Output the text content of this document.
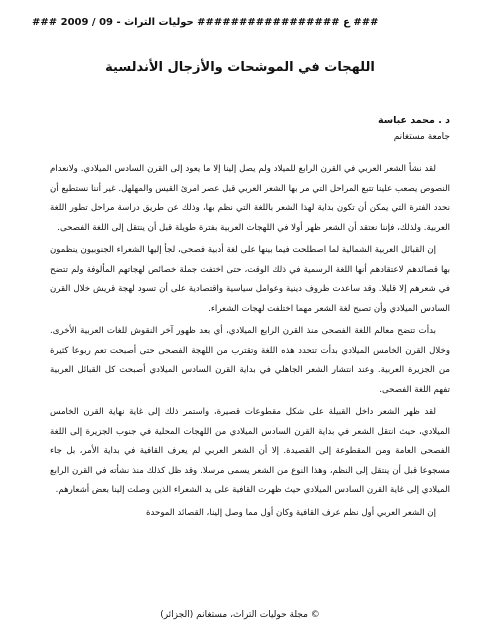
### 2009 / 09 - ع ################# حوليات التراث ###
اللهجات في الموشحات والأزجال الأندلسية
د . محمد عباسة
جامعة مستغانم

لقد نشأ الشعر العربي في القرن الرابع للميلاد ولم يصل إلينا إلا ما يعود إلى القرن السادس الميلادي. ولانعدام النصوص يصعب علينا تتبع المراحل التي مر بها الشعر العربي قبل عصر امرئ القيس والمهلهل. غير أننا نستطيع أن نحدد الفترة التي يمكن أن تكون بداية لهذا الشعر باللغة التي نظم بها، وذلك عن طريق دراسة مراحل تطور اللغة العربية. ولذلك، فإننا نعتقد أن الشعر ظهر أولا في اللهجات العربية بفترة طويلة قبل أن ينتقل إلى اللغة الفصحى.

إن القبائل العربية الشمالية لما اصطلحت فيما بينها على لغة أدبية فصحى، لجأ إليها الشعراء الجنوبيون ينظمون بها قصائدهم لاعتقادهم أنها اللغة الرسمية في ذلك الوقت، حتى اختفت جملة خصائص لهجاتهم المألوفة ولم تتضح في شعرهم إلا قليلا. وقد ساعدت ظروف دينية وعوامل سياسية واقتصادية على أن تسود لهجة قريش خلال القرن السادس الميلادي وأن تصبح لغة الشعر مهما اختلفت لهجات الشعراء.

بدأت تتضح معالم اللغة الفصحى منذ القرن الرابع الميلادي، أي بعد ظهور آخر النقوش للغات العربية الأخرى. وخلال القرن الخامس الميلادي بدأت تتحدد هذه اللغة وتقترب من اللهجة الفصحى حتى أصبحت تعم ربوعا كثيرة من الجزيرة العربية. وعند انتشار الشعر الجاهلي في بداية القرن السادس الميلادي أصبحت كل القبائل العربية تفهم اللغة الفصحى.

لقد ظهر الشعر داخل القبيلة على شكل مقطوعات قصيرة، واستمر ذلك إلى غاية نهاية القرن الخامس الميلادي، حيث انتقل الشعر في بداية القرن السادس الميلادي من اللهجات المحلية في جنوب الجزيرة إلى اللغة الفصحى العامة ومن المقطوعة إلى القصيدة. إلا أن الشعر العربي لم يعرف القافية في بداية الأمر، بل جاء مسجوعا قبل أن ينتقل إلى النظم، وهذا النوع من الشعر يسمى مرسلا. وقد ظل كذلك منذ نشأته في القرن الرابع الميلادي إلى غاية القرن السادس الميلادي حيث ظهرت القافية على يد الشعراء الذين وصلت إلينا بعض أشعارهم.

إن الشعر العربي أول نظم عرف القافية وكان أول مما وصل إلينا، القصائد الموحدة

© مجلة حوليات التراث، مستغانم (الجزائر)
